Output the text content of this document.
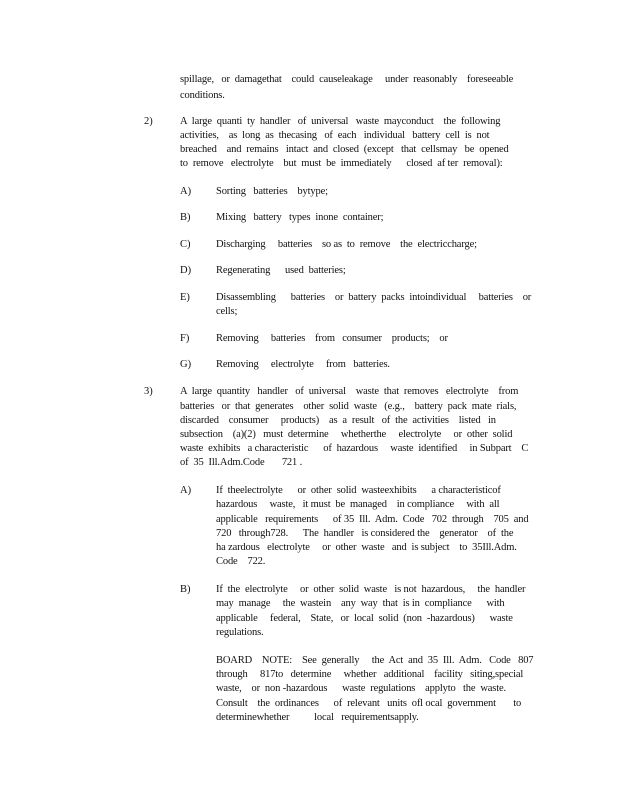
spillage,   or  damagethat    could  causeleakage     under  reasonably    foreseeable
conditions.
2)	A  large  quanti  ty  handler   of  universal   waste  mayconduct    the  following
activities,    as  long  as  thecasing   of  each   individual   battery  cell  is  not
breached    and  remains   intact  and  closed  (except   that  cellsmay   be  opened
to  remove   electrolyte    but  must  be  immediately      closed  af ter  removal):
A) Sorting   batteries    bytype;
B) Mixing   battery   types  inone  container;
C) Discharging     batteries    so as  to  remove    the  electriccharge;
D) Regenerating      used  batteries;
E) Disassembling      batteries    or  battery  packs  intoindividual     batteries    or
cells;
F)	Removing     batteries    from   consumer    products;    or
G) Removing     electrolyte     from   batteries.
3)	A  large  quantity   handler   of  universal    waste  that  removes   electrolyte    from
batteries   or  that  generates    other  solid  waste   (e.g.,    battery  pack  mate  rials,
discarded    consumer     products)    as  a  result   of  the  activities    listed   in
subsection    (a)(2)   must  determine     whetherthe     electrolyte     or  other  solid
waste  exhibits   a characteristic      of  hazardous     waste  identified     in Subpart    C
of  35  Ill.Adm.Code       721 .
A) If  theelectrolyte      or  other  solid  wasteexhibits      a characteristicof
hazardous     waste,   it must  be  managed    in compliance     with  all
applicable   requirements      of 35  Ill.  Adm.  Code   702  through    705  and
720   through728.      The  handler   is considered the    generator    of  the
ha zardous   electrolyte     or  other  waste   and  is subject    to  35Ill.Adm.
Code    722.
B) If  the  electrolyte     or  other  solid  waste   is not  hazardous,     the  handler
may  manage     the  wastein    any  way  that  is in  compliance      with
applicable     federal,    State,   or  local  solid  (non  -hazardous)      waste
regulations.
BOARD    NOTE:    See  generally     the  Act  and  35  Ill.  Adm.   Code   807
through     817to   determine     whether   additional    facility   siting,special
waste,    or  non -hazardous      waste  regulations    applyto   the  waste.
Consult    the  ordinances      of  relevant   units  ofl ocal  government       to
determinewhether          local   requirementsapply.
